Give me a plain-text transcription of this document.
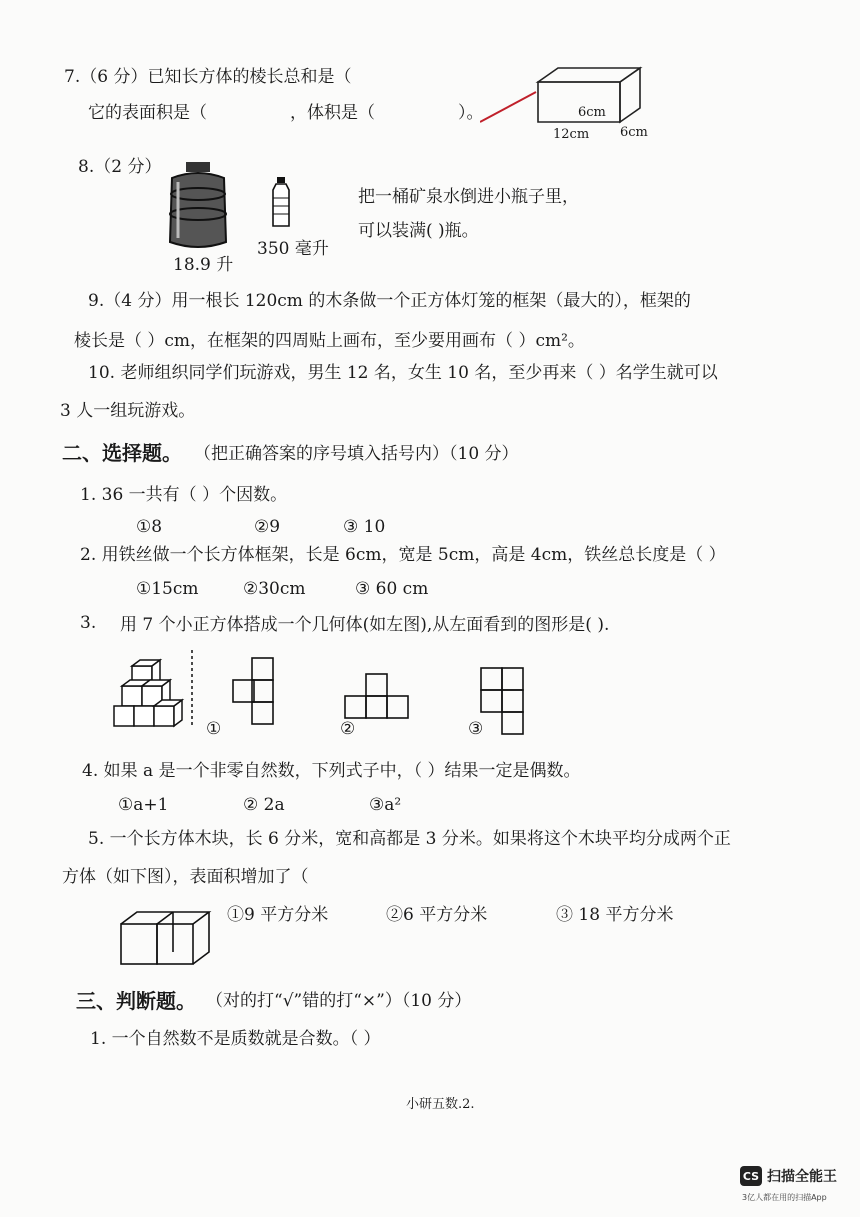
7.（6 分）已知长方体的棱长总和是（
它的表面积是（	，体积是（	）。	6cm
12cm 6cm
8.（2 分）
18.9 升
350 毫升
把一桶矿泉水倒进小瓶子里，
可以装满( )瓶。
9.（4 分）用一根长 120cm 的木条做一个正方体灯笼的框架（最大的），框架的
棱长是（ ）cm，在框架的四周贴上画布，至少要用画布（ ）cm²。
10. 老师组织同学们玩游戏，男生 12 名，女生 10 名，至少再来（ ）名学生就可以
3 人一组玩游戏。
二、选择题。 （把正确答案的序号填入括号内）（10 分）
1. 36 一共有（ ）个因数。
①8	②9	③ 10
2. 用铁丝做一个长方体框架，长是 6cm，宽是 5cm，高是 4cm，铁丝总长度是（ ）
①15cm	②30cm	③ 60 cm
3. 用 7 个小正方体搭成一个几何体(如左图),从左面看到的图形是( ).
①	②	③
4. 如果 a 是一个非零自然数，下列式子中，（ ）结果一定是偶数。
①a+1	② 2a	③a²
5. 一个长方体木块，长 6 分米，宽和高都是 3 分米。如果将这个木块平均分成两个正
方体（如下图），表面积增加了（
①9 平方分米	②6 平方分米	③ 18 平方分米
三、判断题。 （对的打“√”错的打“×”）（10 分）
1. 一个自然数不是质数就是合数。（ ）
小研五数.2.
CS 扫描全能王
3亿人都在用的扫描App
